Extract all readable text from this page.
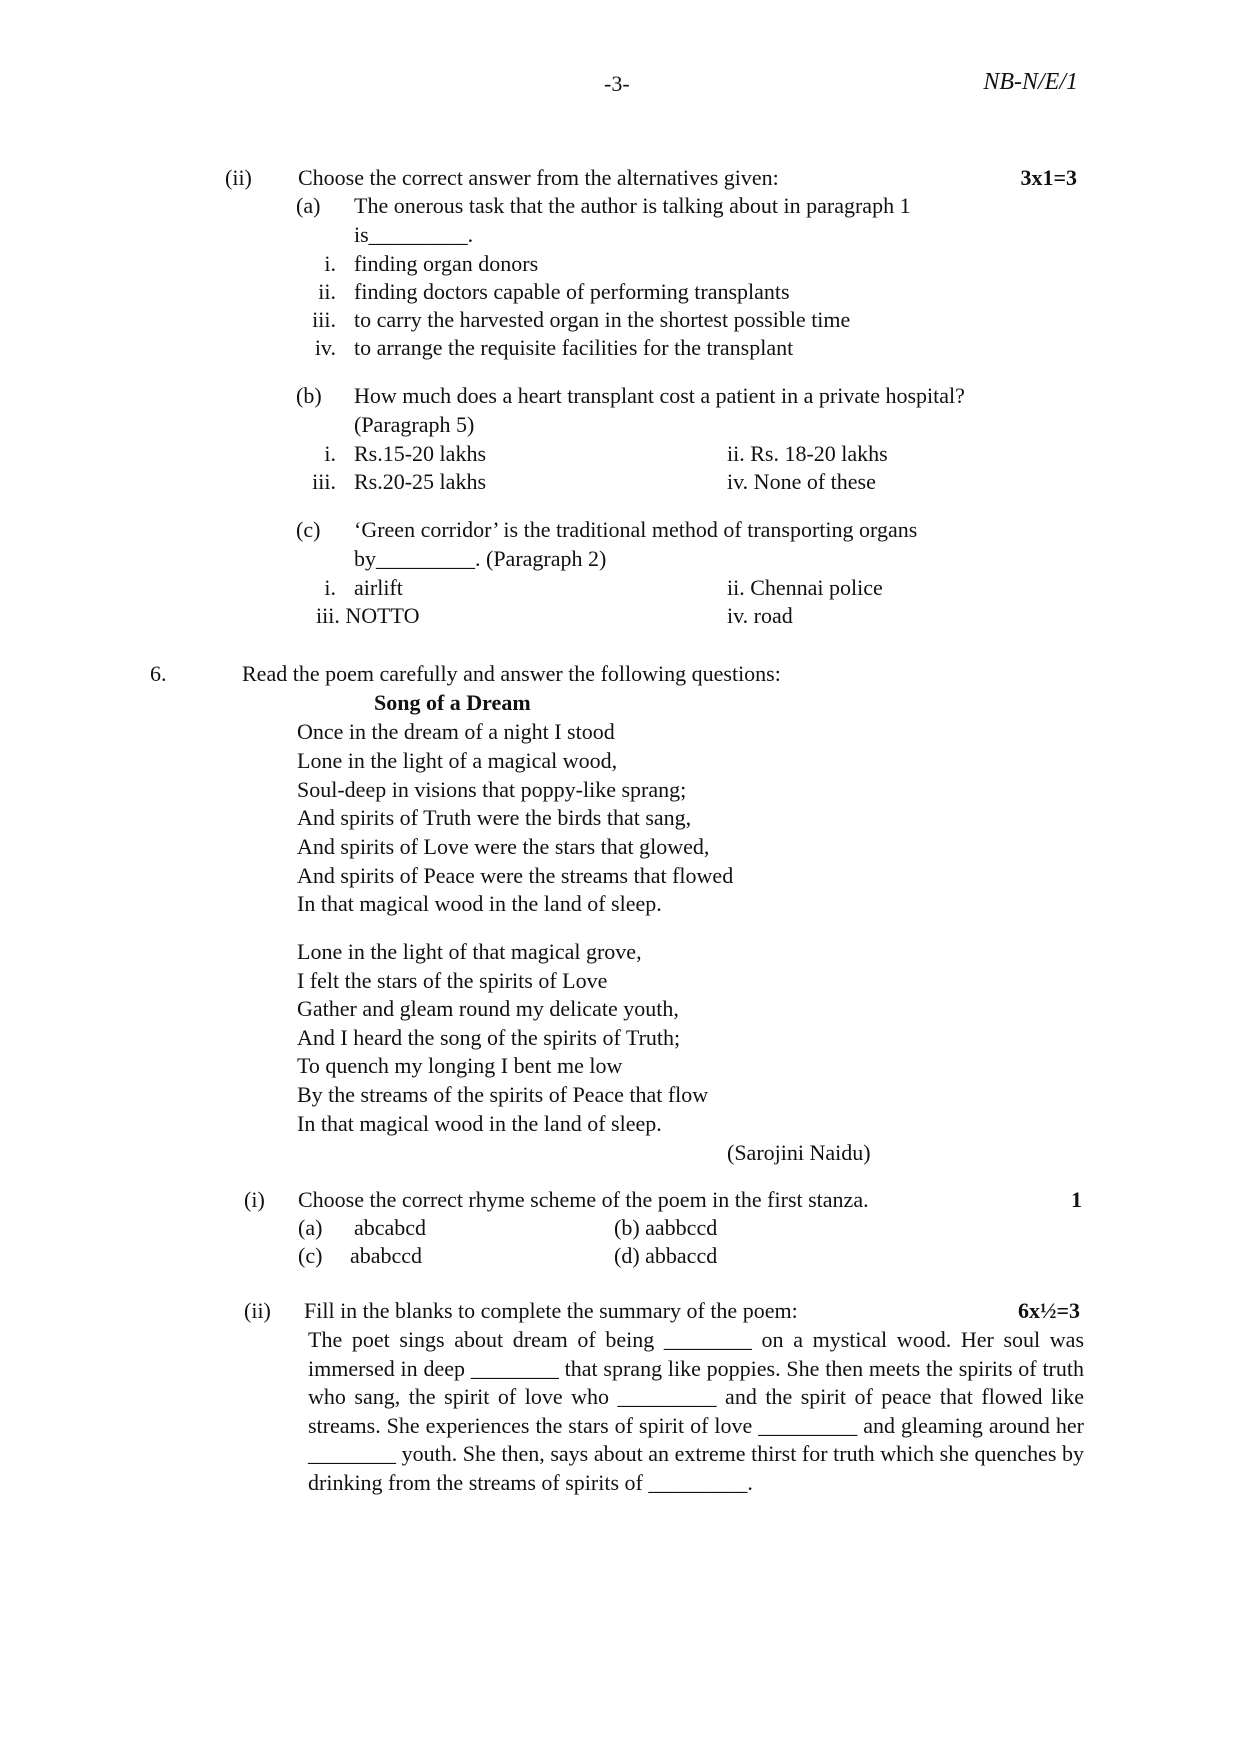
-3-	NB-N/E/1
(ii) Choose the correct answer from the alternatives given:	3x1=3
(a) The onerous task that the author is talking about in paragraph 1
is_________.
i. finding organ donors
ii. finding doctors capable of performing transplants
iii. to carry the harvested organ in the shortest possible time
iv. to arrange the requisite facilities for the transplant
(b) How much does a heart transplant cost a patient in a private hospital?
(Paragraph 5)
i. Rs.15-20 lakhs	ii. Rs. 18-20 lakhs
iii. Rs.20-25 lakhs	iv. None of these
(c) ‘Green corridor’ is the traditional method of transporting organs
by_________. (Paragraph 2)
i. airlift	ii. Chennai police
iii. NOTTO	iv. road
6.	Read the poem carefully and answer the following questions:
Song of a Dream
Once in the dream of a night I stood
Lone in the light of a magical wood,
Soul-deep in visions that poppy-like sprang;
And spirits of Truth were the birds that sang,
And spirits of Love were the stars that glowed,
And spirits of Peace were the streams that flowed
In that magical wood in the land of sleep.
Lone in the light of that magical grove,
I felt the stars of the spirits of Love
Gather and gleam round my delicate youth,
And I heard the song of the spirits of Truth;
To quench my longing I bent me low
By the streams of the spirits of Peace that flow
In that magical wood in the land of sleep.
(Sarojini Naidu)
(i) Choose the correct rhyme scheme of the poem in the first stanza.	1
(a) abcabcd	(b) aabbccd
(c) ababccd	(d) abbaccd
(ii) Fill in the blanks to complete the summary of the poem:	6x½=3
The poet sings about dream of being ________ on a mystical wood. Her soul was immersed in deep ________ that sprang like poppies. She then meets the spirits of truth who sang, the spirit of love who _________ and the spirit of peace that flowed like streams. She experiences the stars of spirit of love _________ and gleaming around her ________ youth. She then, says about an extreme thirst for truth which she quenches by drinking from the streams of spirits of _________.
